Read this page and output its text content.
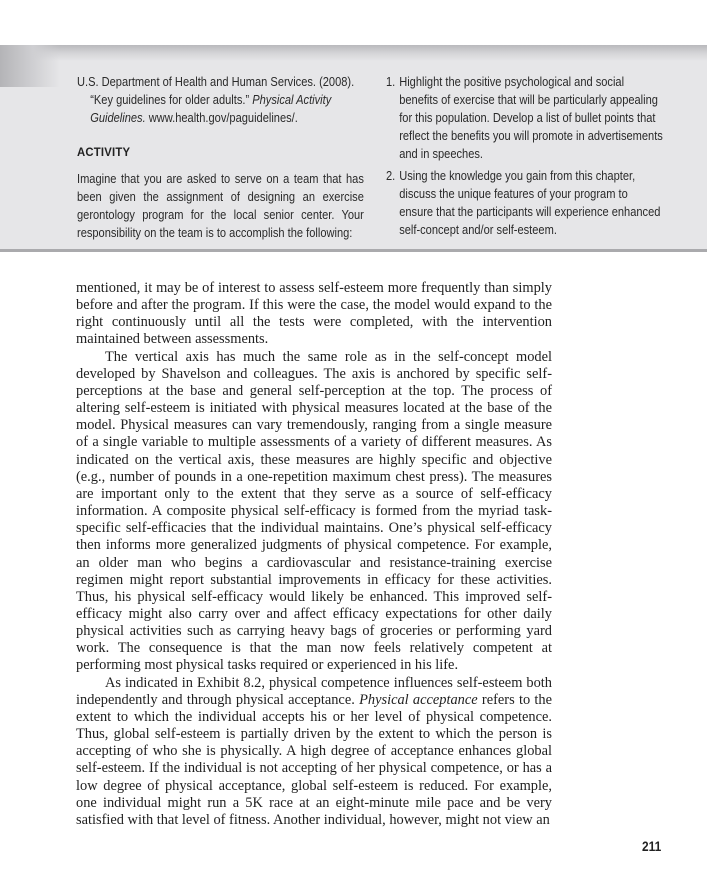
U.S. Department of Health and Human Services. (2008). “Key guidelines for older adults.” Physical Activity Guidelines. www.health.gov/paguidelines/.

ACTIVITY

Imagine that you are asked to serve on a team that has been given the assignment of designing an exercise gerontology program for the local senior center. Your responsibility on the team is to accomplish the following:

1. Highlight the positive psychological and social benefits of exercise that will be particularly appealing for this population. Develop a list of bullet points that reflect the benefits you will promote in advertisements and in speeches.
2. Using the knowledge you gain from this chapter, discuss the unique features of your program to ensure that the participants will experience enhanced self-concept and/or self-esteem.

mentioned, it may be of interest to assess self-esteem more frequently than simply before and after the program. If this were the case, the model would expand to the right continuously until all the tests were completed, with the intervention maintained between assessments.

The vertical axis has much the same role as in the self-concept model developed by Shavelson and colleagues. The axis is anchored by specific self-perceptions at the base and general self-perception at the top. The process of altering self-esteem is initiated with physical measures located at the base of the model. Physical measures can vary tremendously, ranging from a single measure of a single variable to multiple assessments of a variety of different measures. As indicated on the vertical axis, these measures are highly specific and objective (e.g., number of pounds in a one-repetition maximum chest press). The measures are important only to the extent that they serve as a source of self-efficacy information. A composite physical self-efficacy is formed from the myriad task-specific self-efficacies that the individual maintains. One’s physical self-efficacy then informs more generalized judgments of physical competence. For example, an older man who begins a cardiovascular and resistance-training exercise regimen might report substantial improvements in efficacy for these activities. Thus, his physical self-efficacy would likely be enhanced. This improved self-efficacy might also carry over and affect efficacy expectations for other daily physical activities such as carrying heavy bags of groceries or performing yard work. The consequence is that the man now feels relatively competent at performing most physical tasks required or experienced in his life.

As indicated in Exhibit 8.2, physical competence influences self-esteem both independently and through physical acceptance. Physical acceptance refers to the extent to which the individual accepts his or her level of physical competence. Thus, global self-esteem is partially driven by the extent to which the person is accepting of who she is physically. A high degree of acceptance enhances global self-esteem. If the individual is not accepting of her physical competence, or has a low degree of physical acceptance, global self-esteem is reduced. For example, one individual might run a 5K race at an eight-minute mile pace and be very satisfied with that level of fitness. Another individual, however, might not view an

211
